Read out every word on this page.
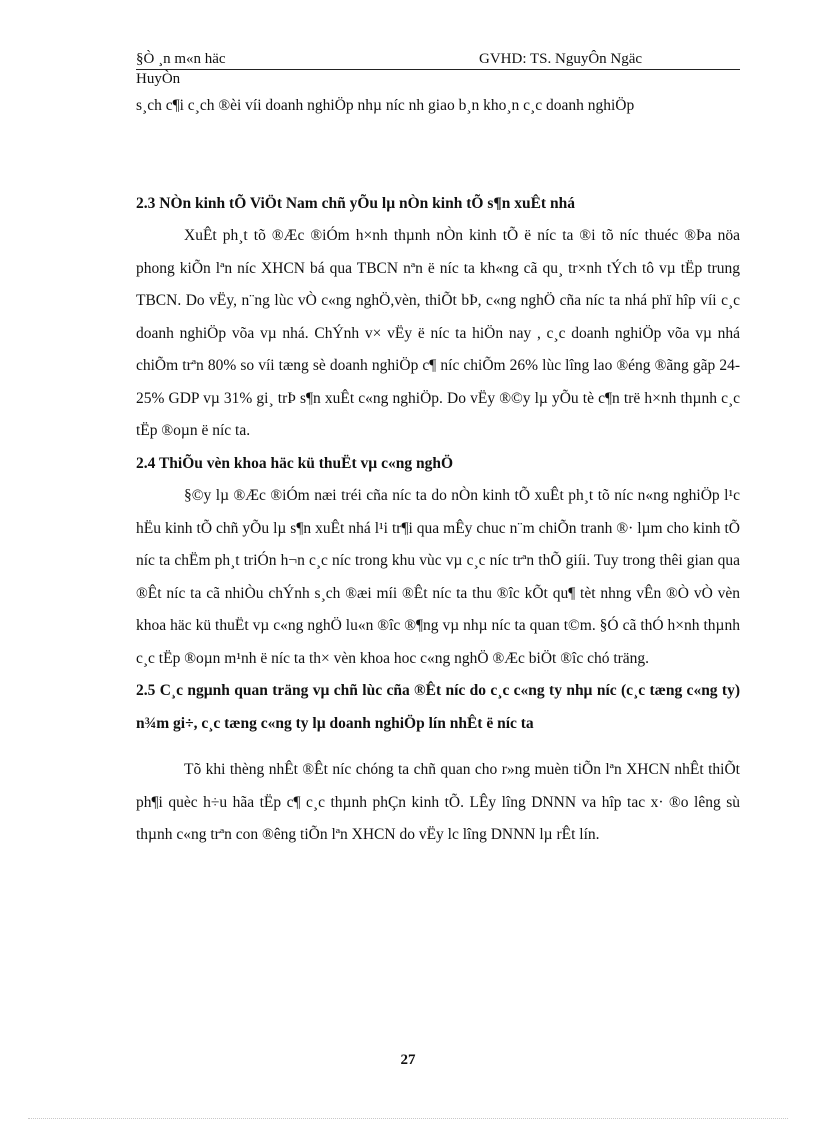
§Ò ¸n m«n häc	GVHD: TS. NguyÔn Ngäc
HuyÒn

s¸ch c¶i c¸ch ®èi víi doanh nghiÖp nhµ níc nh giao b¸n kho¸n c¸c doanh nghiÖp

2.3 NÒn kinh tÕ ViÖt Nam chñ yÕu lµ nÒn kinh tÕ s¶n xuÊt nhá

XuÊt ph¸t tõ ®Æc ®iÓm h×nh thµnh nÒn kinh tÕ ë níc ta ®i tõ níc thuéc ®Þa nöa phong kiÕn lªn níc XHCN bá qua TBCN nªn ë níc ta kh«ng cã qu¸ tr×nh tÝch tô vµ tËp trung TBCN. Do vËy, n¨ng lùc vÒ c«ng nghÖ,vèn, thiÕt bÞ, c«ng nghÖ cña níc ta nhá phï hîp víi c¸c doanh nghiÖp võa vµ nhá. ChÝnh v× vËy ë níc ta hiÖn nay , c¸c doanh nghiÖp võa vµ nhá chiÕm trªn 80% so víi tæng sè doanh nghiÖp c¶ níc chiÕm 26% lùc lîng lao ®éng ®ãng gãp 24-25% GDP vµ 31% gi¸ trÞ s¶n xuÊt c«ng nghiÖp. Do vËy ®©y lµ yÕu tè c¶n trë h×nh thµnh c¸c tËp ®oµn ë níc ta.

2.4 ThiÕu vèn khoa häc kü thuËt vµ c«ng nghÖ

§©y lµ ®Æc ®iÓm næi tréi cña níc ta do nÒn kinh tÕ xuÊt ph¸t tõ níc n«ng nghiÖp l¹c hËu kinh tÕ chñ yÕu lµ s¶n xuÊt nhá l¹i tr¶i qua mÊy chuc n¨m chiÕn tranh ®· lµm cho kinh tÕ níc ta chËm ph¸t triÓn h¬n c¸c níc trong khu vùc vµ c¸c níc trªn thÕ giíi. Tuy trong thêi gian qua ®Êt níc ta cã nhiÒu chÝnh s¸ch ®æi míi ®Êt níc ta thu ®îc kÕt qu¶ tèt nhng vÊn ®Ò vÒ vèn khoa häc kü thuËt vµ c«ng nghÖ lu«n ®îc ®¶ng vµ nhµ níc ta quan t©m. §Ó cã thÓ h×nh thµnh c¸c tËp ®oµn m¹nh ë níc ta th× vèn khoa hoc c«ng nghÖ ®Æc biÖt ®îc chó träng.

2.5 C¸c ngµnh quan träng vµ chñ lùc cña ®Êt níc do c¸c c«ng ty nhµ níc (c¸c tæng c«ng ty) n¾m gi÷, c¸c tæng c«ng ty lµ doanh nghiÖp lín nhÊt ë níc ta

Tõ khi thèng nhÊt ®Êt níc chóng ta chñ quan cho r»ng muèn tiÕn lªn XHCN nhÊt thiÕt ph¶i quèc h÷u hãa tËp c¶ c¸c thµnh phÇn kinh tÕ. LÊy lîng DNNN va hîp tac x· ®o lêng sù thµnh c«ng trªn con ®êng tiÕn lªn XHCN do vËy lc lîng DNNN lµ rÊt lín.

27
